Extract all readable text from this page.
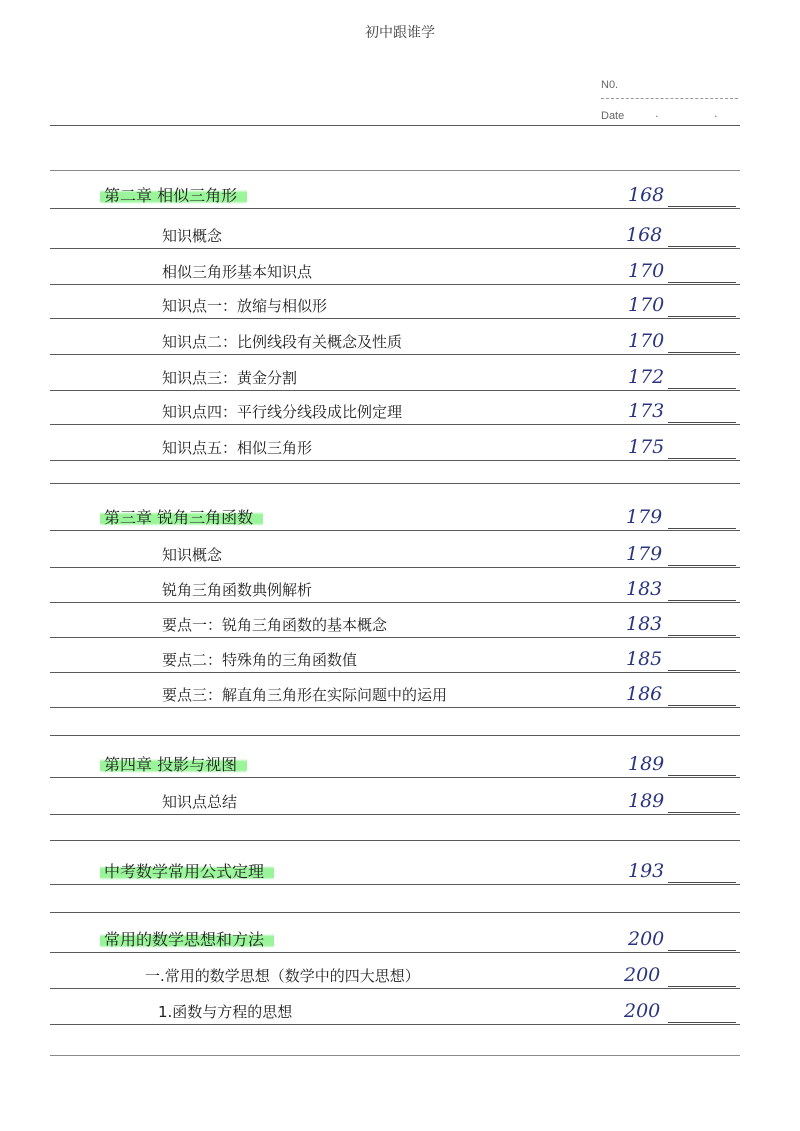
初中跟谁学
N0.
Date	· ·
第二章 相似三角形	168
知识概念	168
相似三角形基本知识点	170
知识点一：放缩与相似形	170
知识点二：比例线段有关概念及性质	170
知识点三：黄金分割	172
知识点四：平行线分线段成比例定理	173
知识点五：相似三角形	175
第三章 锐角三角函数	179
知识概念	179
锐角三角函数典例解析	183
要点一：锐角三角函数的基本概念	183
要点二：特殊角的三角函数值	185
要点三：解直角三角形在实际问题中的运用	186
第四章 投影与视图	189
知识点总结	189
中考数学常用公式定理	193
常用的数学思想和方法	200
一.常用的数学思想（数学中的四大思想）	200
1.函数与方程的思想	200
